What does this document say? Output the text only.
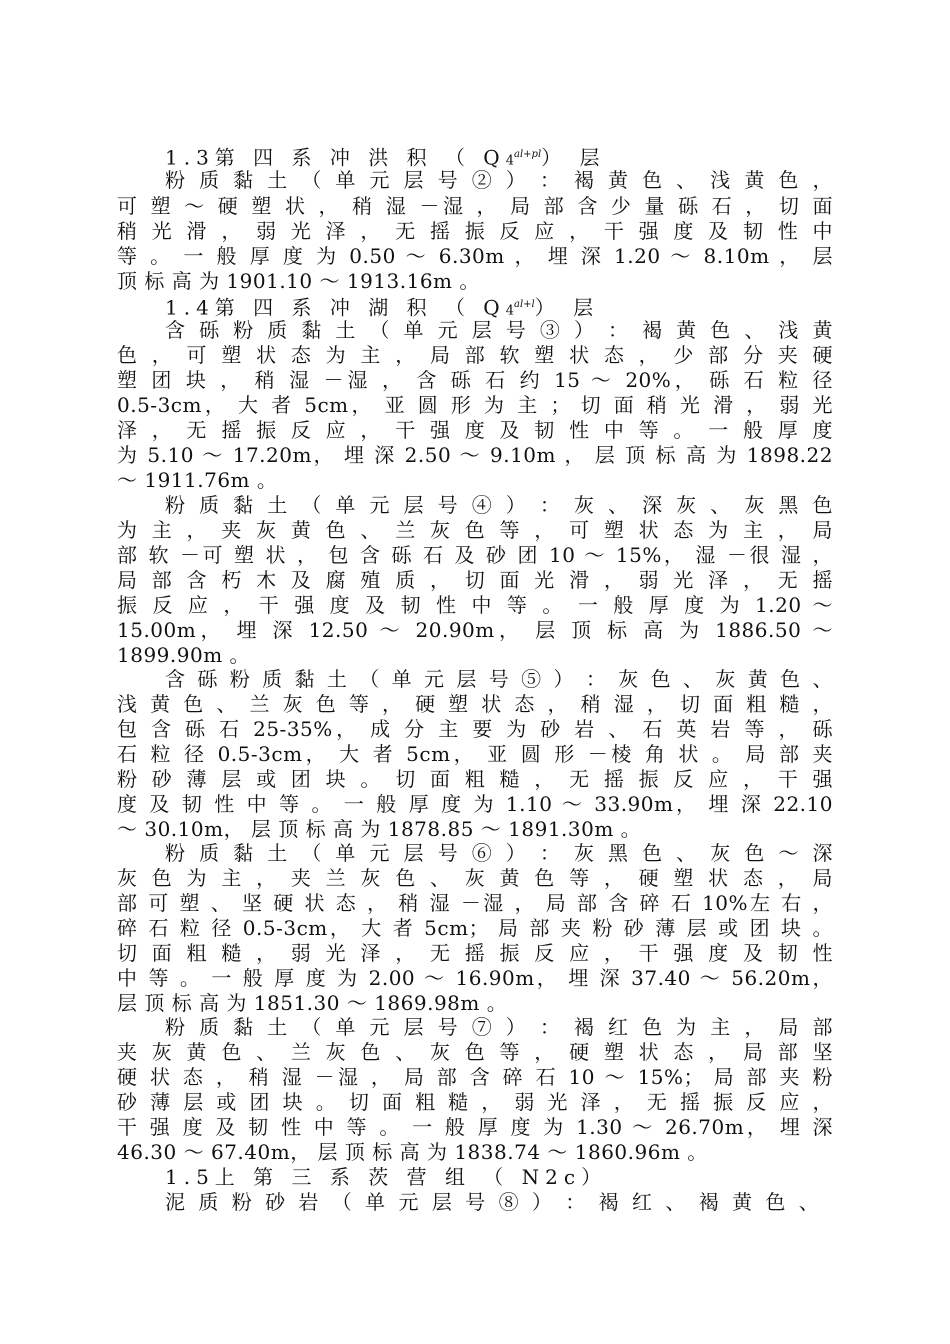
1.3第 四 系 冲 洪 积 （ $Q4^{al+pl}$） 层
粉 质 黏 土 （ 单 元 层 号 ② ） ： 褐 黄 色 、 浅 黄 色 ，
可 塑 ～ 硬 塑 状 ， 稍 湿 －湿 ， 局 部 含 少 量 砾 石 ， 切 面
稍 光 滑 ， 弱 光 泽 ， 无 摇 振 反 应 ， 干 强 度 及 韧 性 中
等 。 一 般 厚 度 为 0.50 ～ 6.30m ， 埋 深 1.20 ～ 8.10m ， 层
顶 标 高 为 1901.10 ～ 1913.16m 。
1.4第 四 系 冲 湖 积 （ $Q4^{al+l}$） 层
含 砾 粉 质 黏 土 （ 单 元 层 号 ③ ） ： 褐 黄 色 、 浅 黄
色 ， 可 塑 状 态 为 主 ， 局 部 软 塑 状 态 ， 少 部 分 夹 硬
塑 团 块 ， 稍 湿 －湿 ， 含 砾 石 约 15 ～ 20%， 砾 石 粒 径
0.5-3cm， 大 者 5cm， 亚 圆 形 为 主 ； 切 面 稍 光 滑 ， 弱 光
泽 ， 无 摇 振 反 应 ， 干 强 度 及 韧 性 中 等 。 一 般 厚 度
为 5.10 ～ 17.20m， 埋 深 2.50 ～ 9.10m ， 层 顶 标 高 为 1898.22
～ 1911.76m 。
粉 质 黏 土 （ 单 元 层 号 ④ ） ： 灰 、 深 灰 、 灰 黑 色
为 主 ， 夹 灰 黄 色 、 兰 灰 色 等 ， 可 塑 状 态 为 主 ， 局
部 软 －可 塑 状 ， 包 含 砾 石 及 砂 团 10 ～ 15%， 湿 －很 湿 ，
局 部 含 朽 木 及 腐 殖 质 ， 切 面 光 滑 ， 弱 光 泽 ， 无 摇
振 反 应 ， 干 强 度 及 韧 性 中 等 。 一 般 厚 度 为 1.20 ～
15.00m， 埋 深 12.50 ～ 20.90m， 层 顶 标 高 为 1886.50 ～
1899.90m 。
含 砾 粉 质 黏 土 （ 单 元 层 号 ⑤ ） ： 灰 色 、 灰 黄 色 、
浅 黄 色 、 兰 灰 色 等 ， 硬 塑 状 态 ， 稍 湿 ， 切 面 粗 糙 ，
包 含 砾 石 25-35%， 成 分 主 要 为 砂 岩 、 石 英 岩 等 ， 砾
石 粒 径 0.5-3cm， 大 者 5cm， 亚 圆 形 －棱 角 状 。 局 部 夹
粉 砂 薄 层 或 团 块 。 切 面 粗 糙 ， 无 摇 振 反 应 ， 干 强
度 及 韧 性 中 等 。 一 般 厚 度 为 1.10 ～ 33.90m， 埋 深 22.10
～ 30.10m， 层 顶 标 高 为 1878.85 ～ 1891.30m 。
粉 质 黏 土 （ 单 元 层 号 ⑥ ） ： 灰 黑 色 、 灰 色 ～ 深
灰 色 为 主 ， 夹 兰 灰 色 、 灰 黄 色 等 ， 硬 塑 状 态 ， 局
部 可 塑 、 坚 硬 状 态 ， 稍 湿 －湿 ， 局 部 含 碎 石 10%左 右 ，
碎 石 粒 径 0.5-3cm， 大 者 5cm； 局 部 夹 粉 砂 薄 层 或 团 块 。
切 面 粗 糙 ， 弱 光 泽 ， 无 摇 振 反 应 ， 干 强 度 及 韧 性
中 等 。 一 般 厚 度 为 2.00 ～ 16.90m， 埋 深 37.40 ～ 56.20m，
层 顶 标 高 为 1851.30 ～ 1869.98m 。
粉 质 黏 土 （ 单 元 层 号 ⑦ ） ： 褐 红 色 为 主 ， 局 部
夹 灰 黄 色 、 兰 灰 色 、 灰 色 等 ， 硬 塑 状 态 ， 局 部 坚
硬 状 态 ， 稍 湿 －湿 ， 局 部 含 碎 石 10 ～ 15%； 局 部 夹 粉
砂 薄 层 或 团 块 。 切 面 粗 糙 ， 弱 光 泽 ， 无 摇 振 反 应 ，
干 强 度 及 韧 性 中 等 。 一 般 厚 度 为 1.30 ～ 26.70m， 埋 深
46.30 ～ 67.40m， 层 顶 标 高 为 1838.74 ～ 1860.96m 。
1.5上 第 三 系 茨 营 组 （ N2c）
泥 质 粉 砂 岩 （ 单 元 层 号 ⑧ ） ： 褐 红 、 褐 黄 色 、
